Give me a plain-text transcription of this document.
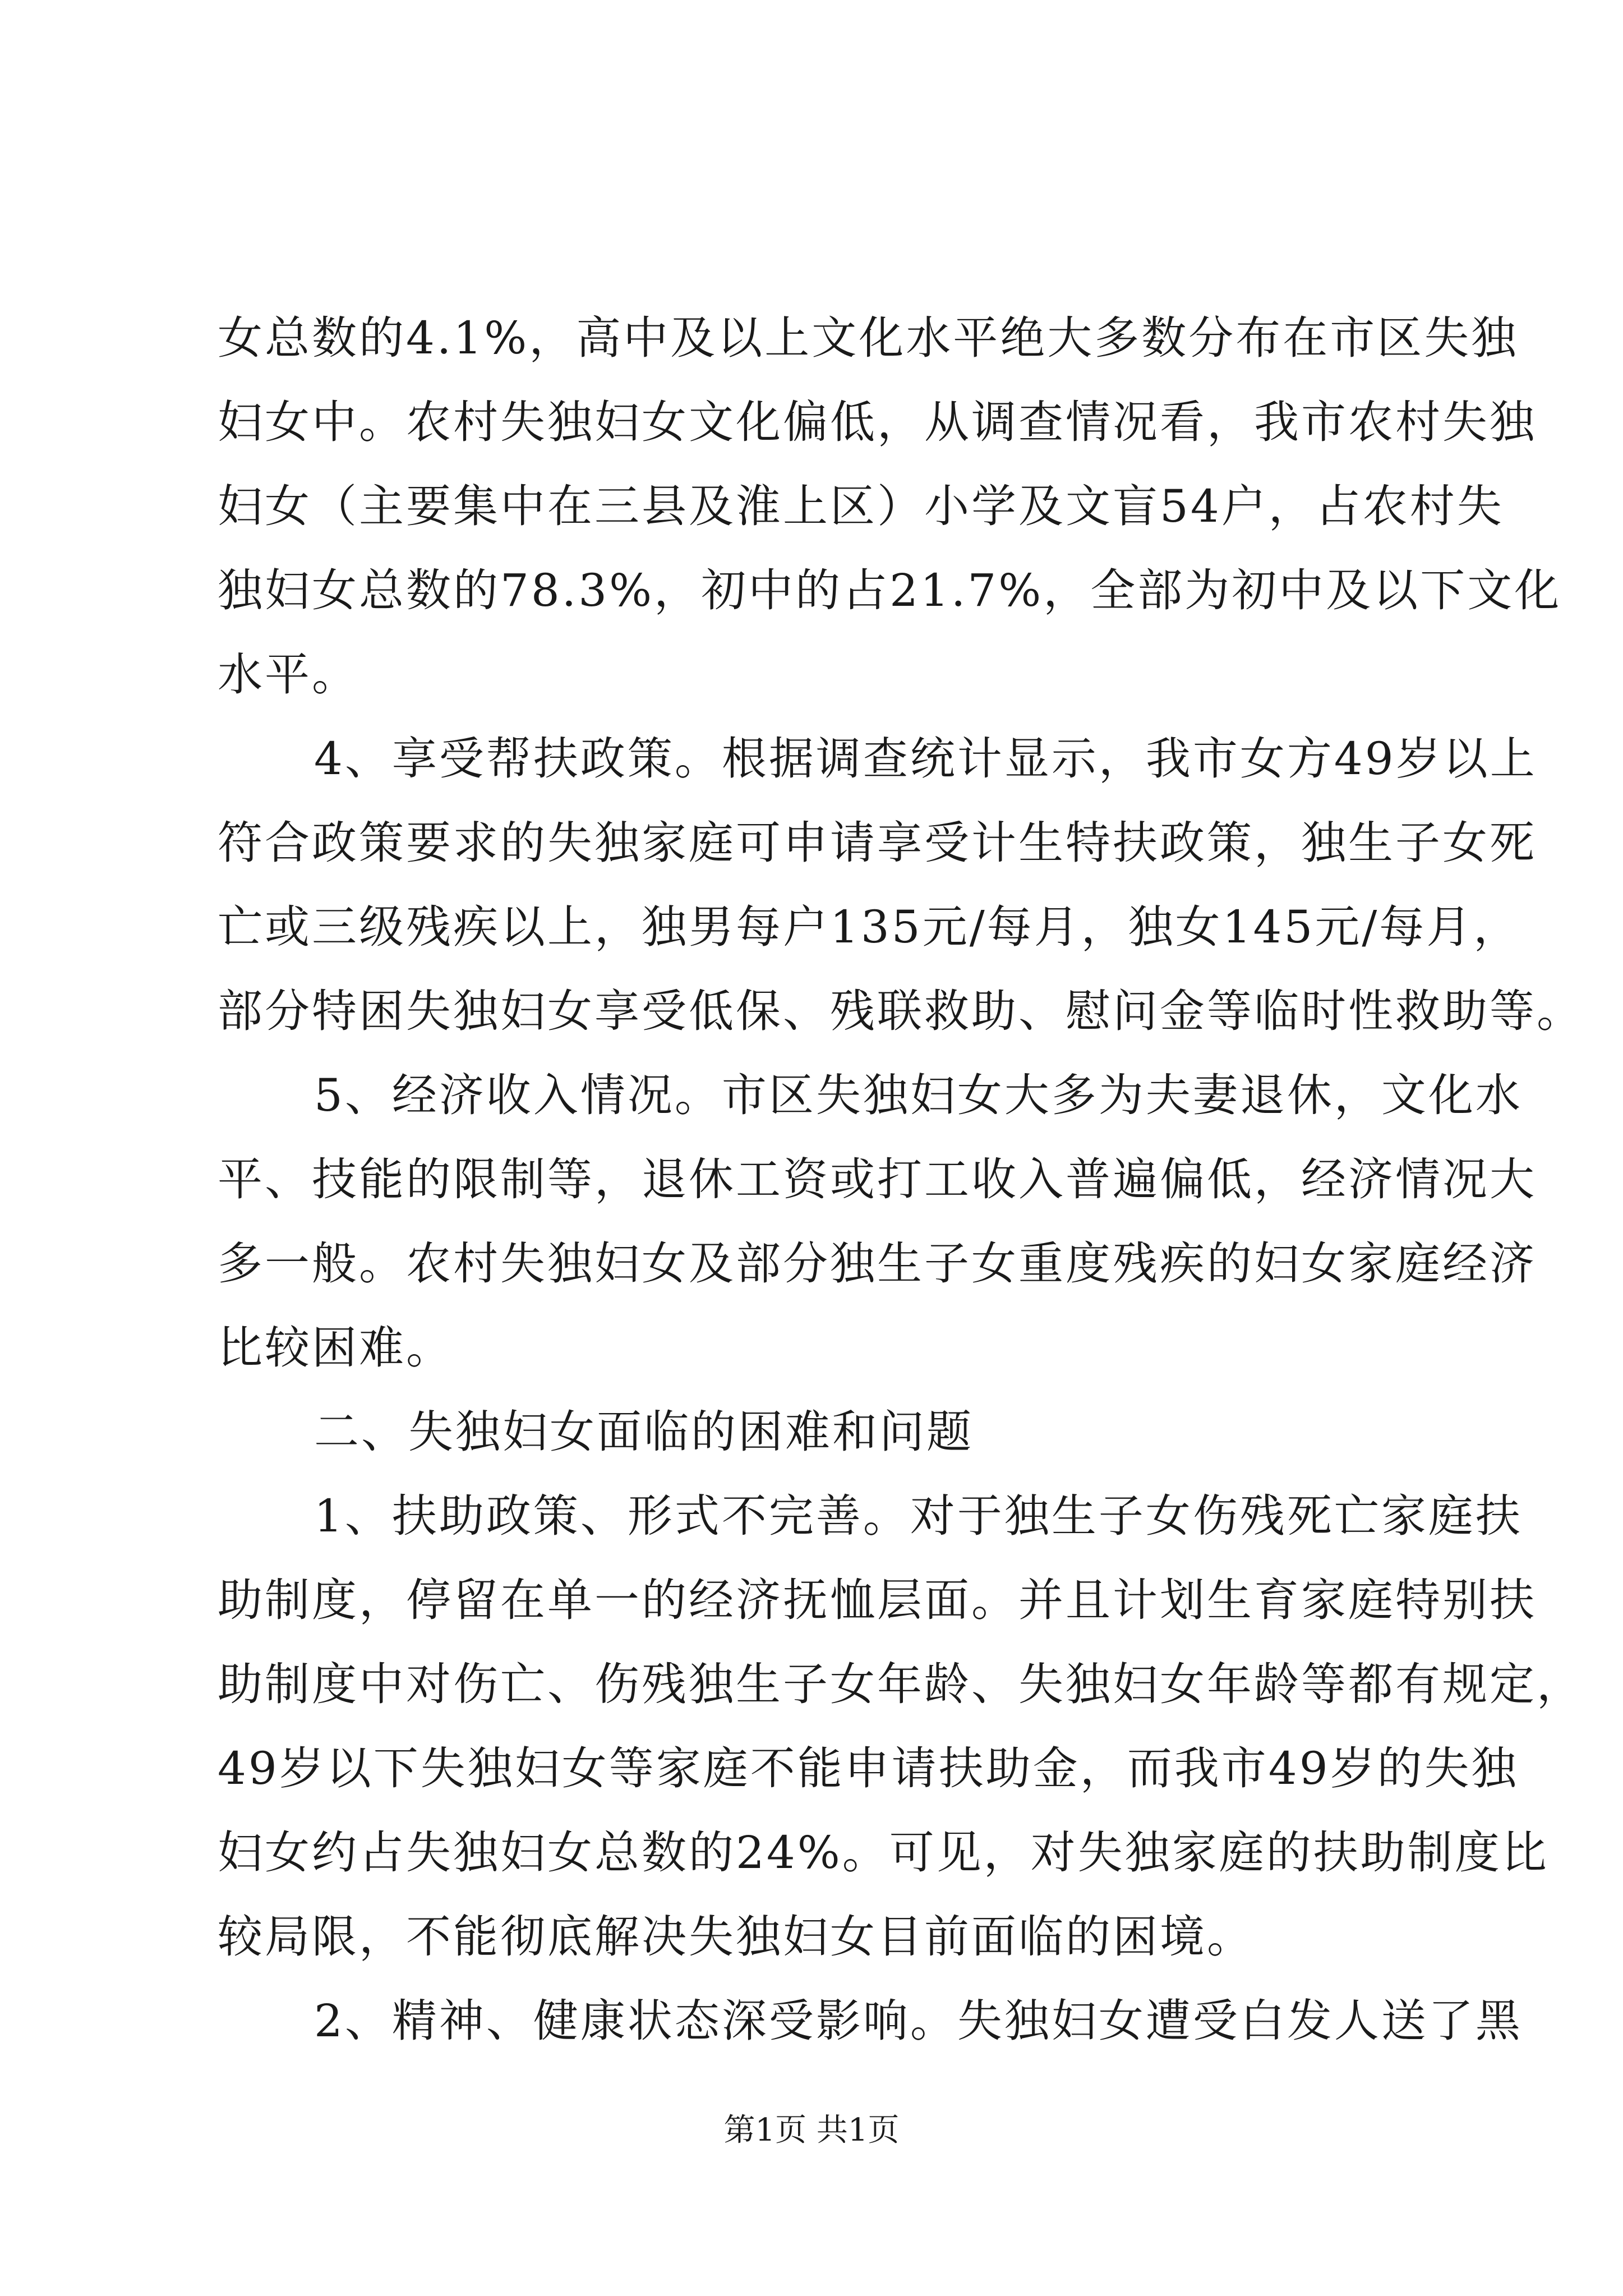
女总数的4.1%，高中及以上文化水平绝大多数分布在市区失独
妇女中。农村失独妇女文化偏低，从调查情况看，我市农村失独
妇女（主要集中在三县及淮上区）小学及文盲54户，占农村失
独妇女总数的78.3%，初中的占21.7%，全部为初中及以下文化
水平。
4、享受帮扶政策。根据调查统计显示，我市女方49岁以上
符合政策要求的失独家庭可申请享受计生特扶政策，独生子女死
亡或三级残疾以上，独男每户135元/每月，独女145元/每月，
部分特困失独妇女享受低保、残联救助、慰问金等临时性救助等。
5、经济收入情况。市区失独妇女大多为夫妻退休，文化水
平、技能的限制等，退休工资或打工收入普遍偏低，经济情况大
多一般。农村失独妇女及部分独生子女重度残疾的妇女家庭经济
比较困难。
二、失独妇女面临的困难和问题
1、扶助政策、形式不完善。对于独生子女伤残死亡家庭扶
助制度，停留在单一的经济抚恤层面。并且计划生育家庭特别扶
助制度中对伤亡、伤残独生子女年龄、失独妇女年龄等都有规定，
49岁以下失独妇女等家庭不能申请扶助金，而我市49岁的失独
妇女约占失独妇女总数的24%。可见，对失独家庭的扶助制度比
较局限，不能彻底解决失独妇女目前面临的困境。
2、精神、健康状态深受影响。失独妇女遭受白发人送了黑
第1页 共1页
